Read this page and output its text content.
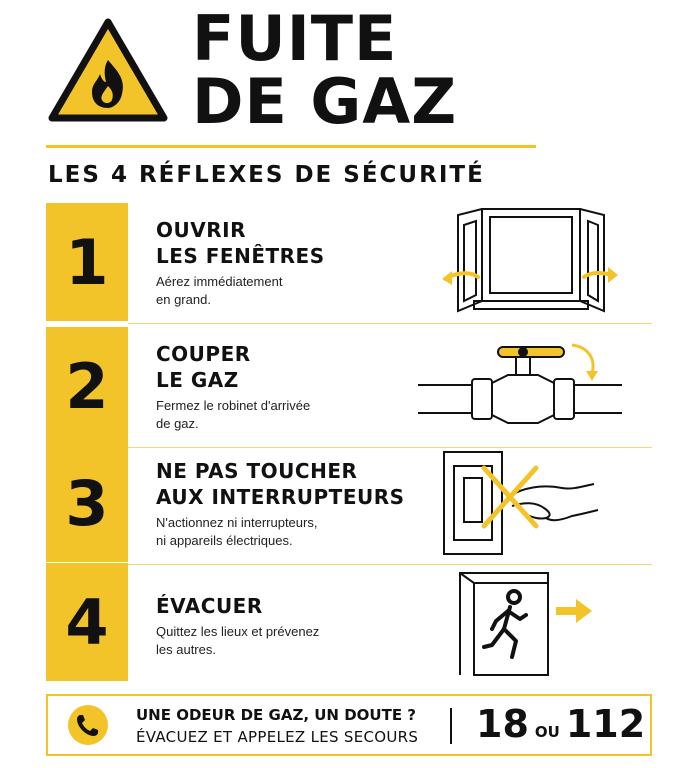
FUITE
DE GAZ
LES 4 RÉFLEXES DE SÉCURITÉ
1 OUVRIR
LES FENÊTRES
Aérez immédiatement
en grand.
2 COUPER
LE GAZ
Fermez le robinet d'arrivée
de gaz.
3 NE PAS TOUCHER
AUX INTERRUPTEURS
N'actionnez ni interrupteurs,
ni appareils électriques.
4 ÉVACUER
Quittez les lieux et prévenez
les autres.
UNE ODEUR DE GAZ, UN DOUTE ?
ÉVACUEZ ET APPELEZ LES SECOURS 18 OU 112
